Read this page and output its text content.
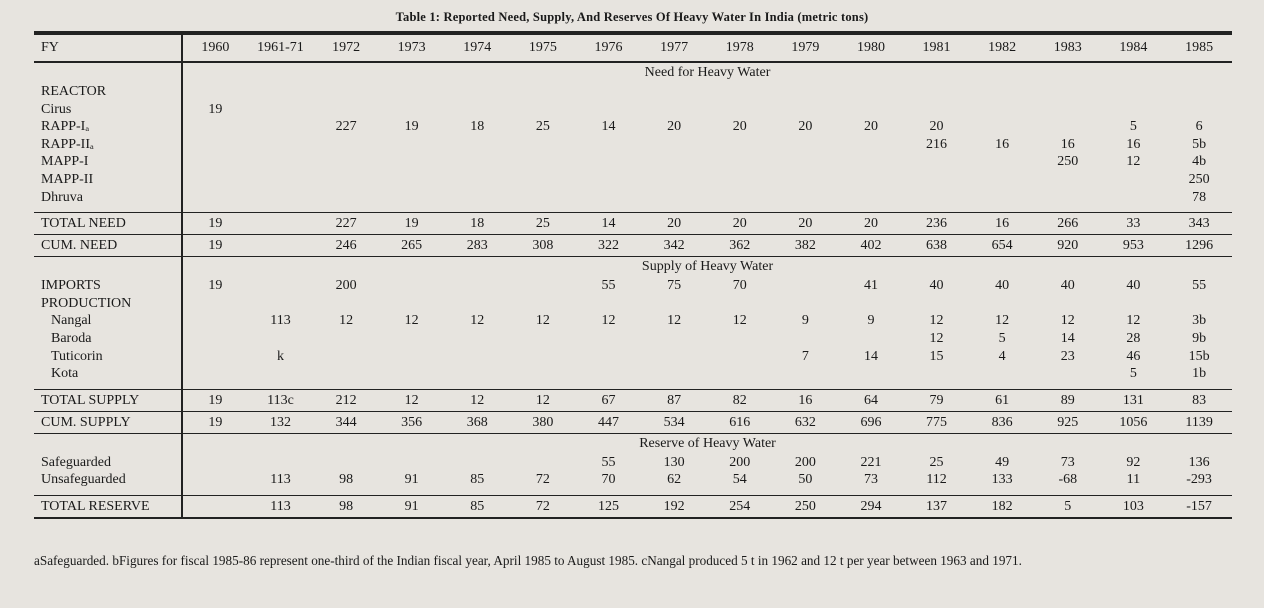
Table 1: Reported Need, Supply, And Reserves Of Heavy Water In India (metric tons)

FY	1960	1961-71	1972	1973	1974	1975	1976	1977	1978	1979	1980	1981	1982	1983	1984	1985
	Need for Heavy Water															
REACTOR																
Cirus	19															
RAPP-Iₐ			227	19	18	25	14	20	20	20	20	20			5	6
RAPP-IIₐ												216	16	16	16	5b
MAPP-I														250	12	4b
MAPP-II																250
Dhruva																78

TOTAL NEED	19		227	19	18	25	14	20	20	20	20	236	16	266	33	343
CUM. NEED	19		246	265	283	308	322	342	362	382	402	638	654	920	953	1296
	Supply of Heavy Water															
IMPORTS	19		200				55	75	70		41	40	40	40	40	55
PRODUCTION																
Nangal		113	12	12	12	12	12	12	12	9	9	12	12	12	12	3b
Baroda												12	5	14	28	9b
Tuticorin		k								7	14	15	4	23	46	15b
Kota															5	1b

TOTAL SUPPLY	19	113c	212	12	12	12	67	87	82	16	64	79	61	89	131	83
CUM. SUPPLY	19	132	344	356	368	380	447	534	616	632	696	775	836	925	1056	1139
	Reserve of Heavy Water															
Safeguarded							55	130	200	200	221	25	49	73	92	136
Unsafeguarded		113	98	91	85	72	70	62	54	50	73	112	133	-68	11	-293

TOTAL RESERVE		113	98	91	85	72	125	192	254	250	294	137	182	5	103	-157
aSafeguarded. bFigures for fiscal 1985-86 represent one-third of the Indian fiscal year, April 1985 to August 1985. cNangal produced 5 t in 1962 and 12 t per year between 1963 and 1971.
